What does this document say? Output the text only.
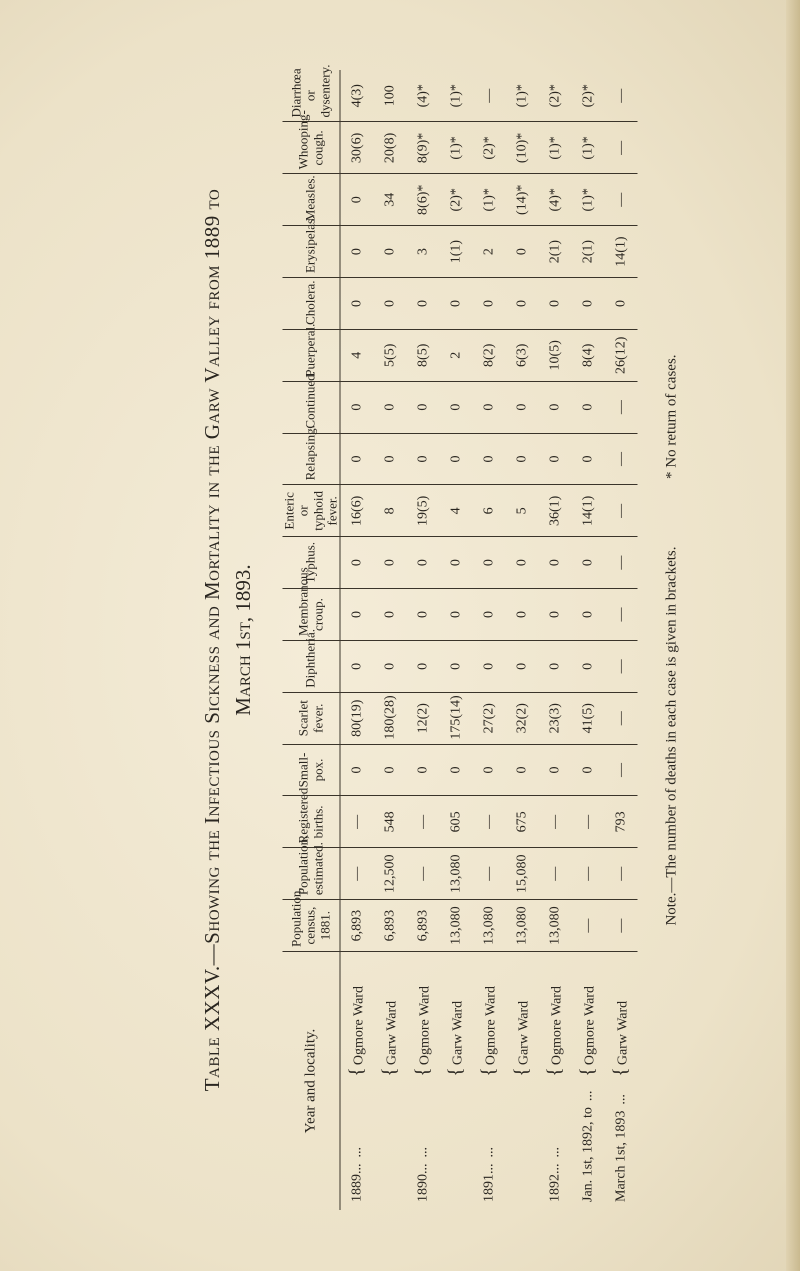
Table XXXV.—Showing the Infectious Sickness and Mortality in the Garw Valley from 1889 to March 1st, 1893.
Year and locality.		Population, census, 1881.	Population, estimated.	Registered births.	Small-pox.	Scarlet fever.	Diphtheria.	Membranous croup.	Typhus.	Enteric or typhoid fever.	Relapsing.	Continued.	Puerperal.	Cholera.	Erysipelas.	Measles.	Whooping-cough.	Diarrhœa or dysentery.
1889......	{Ogmore Ward	6,893	—	—	0	80(19)	0	0	0	16(6)	0	0	4	0	0	0	30(6)	4(3)
	{Garw Ward	6,893	12,500	548	0	180(28)	0	0	0	8	0	0	5(5)	0	0	34	20(8)	100
1890......	{Ogmore Ward	6,893	—	—	0	12(2)	0	0	0	19(5)	0	0	8(5)	0	3	8(6)*	8(9)*	(4)*
	{Garw Ward	13,080	13,080	605	0	175(14)	0	0	0	4	0	0	2	0	1(1)	(2)*	(1)*	(1)*
1891......	{Ogmore Ward	13,080	—	—	0	27(2)	0	0	0	6	0	0	8(2)	0	2	(1)*	(2)*	—
	{Garw Ward	13,080	15,080	675	0	32(2)	0	0	0	5	0	0	6(3)	0	0	(14)*	(10)*	(1)*
1892......	{Ogmore Ward	13,080	—	—	0	23(3)	0	0	0	36(1)	0	0	10(5)	0	2(1)	(4)*	(1)*	(2)*
Jan. 1st, 1892, to...	{Ogmore Ward	—	—	—	0	41(5)	0	0	0	14(1)	0	0	8(4)	0	2(1)	(1)*	(1)*	(2)*
March 1st, 1893...	{Garw Ward	—	—	793	—	—	—	—	—	—	—	—	26(12)	0	14(1)	—	—	—
Note.—The number of deaths in each case is given in brackets.  * No return of cases.
